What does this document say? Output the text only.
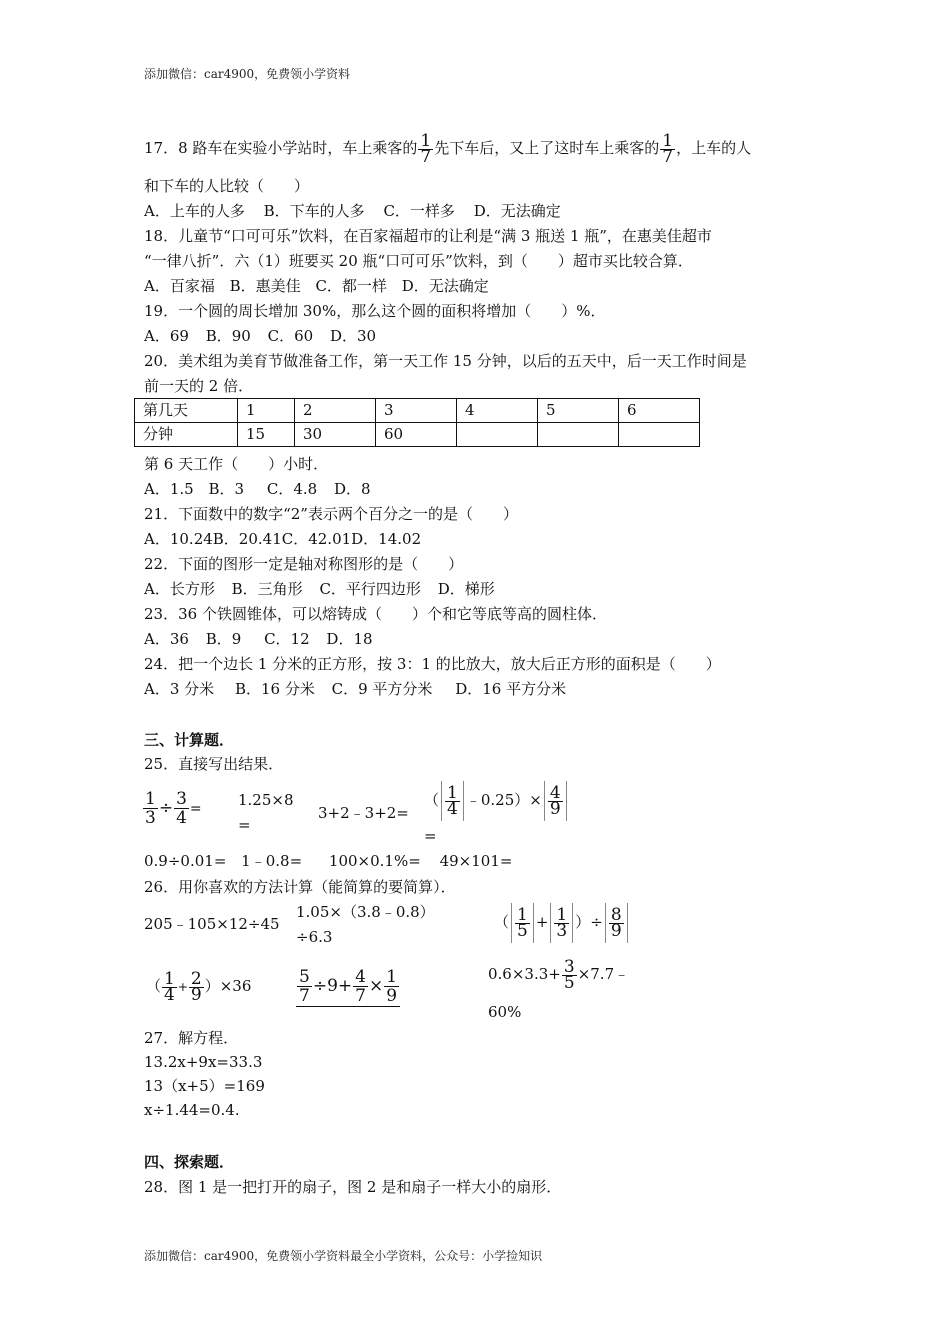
添加微信：car4900，免费领小学资料
17．8 路车在实验小学站时，车上乘客的 $\frac{1}{7}$ 先下车后，又上了这时车上乘客的 $\frac{1}{7}$ ，上车的人
和下车的人比较（　　）
A．上车的人多 B．下车的人多 C．一样多 D．无法确定
18．儿童节“口可可乐”饮料，在百家福超市的让利是“满 3 瓶送 1 瓶”，在惠美佳超市
“一律八折”．六（1）班要买 20 瓶“口可可乐”饮料，到（　　）超市买比较合算．
A．百家福 B．惠美佳 C．都一样 D．无法确定
19．一个圆的周长增加 30%，那么这个圆的面积将增加（　　）%．
A．69 B．90 C．60 D．30
20．美术组为美育节做准备工作，第一天工作 15 分钟，以后的五天中，后一天工作时间是
前一天的 2 倍．
第几天	1	2	3	4	5	6
分钟	15	30	60			
第 6 天工作（　　）小时．
A．1.5 B．3 C．4.8 D．8
21．下面数中的数字“2”表示两个百分之一的是（　　）
A．10.24B．20.41C．42.01D．14.02
22．下面的图形一定是轴对称图形的是（　　）
A．长方形 B．三角形 C．平行四边形 D．梯形
23．36 个铁圆锥体，可以熔铸成（　　）个和它等底等高的圆柱体．
A．36 B．9 C．12 D．18
24．把一个边长 1 分米的正方形，按 3：1 的比放大，放大后正方形的面积是（　　）
A．3 分米 B．16 分米 C．9 平方分米 D．16 平方分米
三、计算题．
25．直接写出结果．
$\frac{1}{3} \div \frac{3}{4} = 1.25\times 8$
=
3+2﹣3+2=
（ $\frac{1}{4}$ ﹣0.25）× $\frac{4}{9}$
=
0.9÷0.01= 1﹣0.8= 100×0.1%= 49×101=
26．用你喜欢的方法计算（能简算的要简算）．
205﹣105×12÷45
1.05×（3.8﹣0.8）
÷6.3
（ $\frac{1}{5} + \frac{1}{3}$ ）÷ $\frac{8}{9}$
（ $\frac{1}{4} + \frac{2}{9} )\times 36$	$\frac{5}{7} \div 9+ \frac{4}{7} \times \frac{1}{9}$	$0.6\times 3.3+ \frac{3}{5}$ ×7.7﹣
60%
27．解方程．
13.2x+9x=33.3
13（x+5）=169
x÷1.44=0.4.
四、探索题．
28．图 1 是一把打开的扇子，图 2 是和扇子一样大小的扇形．
添加微信：car4900，免费领小学资料最全小学资料，公众号：小学捡知识
